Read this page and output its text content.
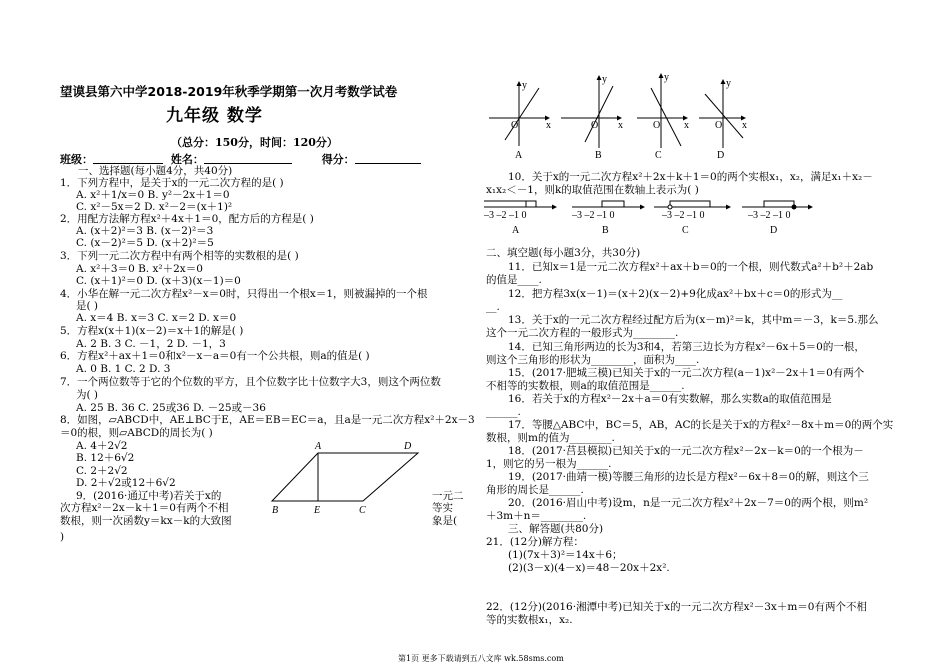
望谟县第六中学2018-2019年秋季学期第一次月考数学试卷
九年级 数学
（总分：150分，时间：120分）
班级：	姓名：	得分：
一、选择题(每小题4分，共40分)
1．下列方程中，是关于x的一元二次方程的是( )
A. x²＋1/x＝0 B. y²－2x＋1＝0
C. x²－5x＝2 D. x²－2＝(x＋1)²
2．用配方法解方程x²＋4x＋1＝0，配方后的方程是( )
A. (x＋2)²＝3 B. (x－2)²＝3
C. (x－2)²＝5 D. (x＋2)²＝5
3．下列一元二次方程中有两个相等的实数根的是( )
A. x²＋3＝0 B. x²＋2x＝0
C. (x＋1)²＝0 D. (x＋3)(x－1)＝0
4．小华在解一元二次方程x²－x＝0时，只得出一个根x＝1，则被漏掉的一个根
是( )
A. x＝4 B. x＝3 C. x＝2 D. x＝0
5．方程x(x＋1)(x－2)＝x＋1的解是( )
A. 2 B. 3 C. －1，2 D. －1，3
6．方程x²＋ax＋1＝0和x²－x－a＝0有一个公共根，则a的值是( )
A. 0 B. 1 C. 2 D. 3
7．一个两位数等于它的个位数的平方，且个位数字比十位数字大3，则这个两位数
为( )
A. 25 B. 36 C. 25或36 D. －25或－36
8．如图，▱ABCD中，AE⊥BC于E，AE＝EB＝EC＝a，且a是一元二次方程x²＋2x－3
＝0的根，则▱ABCD的周长为( )
A. 4＋2√2
B. 12＋6√2
C. 2＋2√2
D. 2＋√2或12＋6√2
9．(2016·通辽中考)若关于x的
次方程x²－2x－k＋1＝0有两个不相
数根，则一次函数y＝kx－k的大致图
)
一元二
等实
象是(
A	D
B	E	C
y
x
O
A
y
x
O
B
y
x
O
C
y
x
O
D
10．关于x的一元二次方程x²＋2x＋k＋1＝0的两个实根x₁，x₂，满足x₁＋x₂－
x₁x₂＜－1，则k的取值范围在数轴上表示为( )
–3 –2 –1 0
A
–3 –2 –1 0
B
–3 –2 –1 0
C
–3 –2 –1 0
D
二、填空题(每小题3分，共30分)
11．已知x＝1是一元二次方程x²＋ax＋b＝0的一个根，则代数式a²＋b²＋2ab
的值是____.
12．把方程3x(x－1)＝(x＋2)(x－2)+9化成ax²＋bx＋c＝0的形式为__
__.
13．关于x的一元二次方程经过配方后为(x－m)²＝k，其中m＝－3，k＝5.那么
这个一元二次方程的一般形式为________.
14．已知三角形两边的长为3和4，若第三边长为方程x²－6x＋5＝0的一根，
则这个三角形的形状为________，面积为____.
15．(2017·肥城三模)已知关于x的一元二次方程(a－1)x²－2x＋1＝0有两个
不相等的实数根，则a的取值范围是______.
16．若关于x的方程x²－2x＋a＝0有实数解，那么实数a的取值范围是
______.
17．等腰△ABC中，BC＝5，AB，AC的长是关于x的方程x²－8x＋m＝0的两个实
数根，则m的值为________.
18．(2017·莒县模拟)已知关于x的一元二次方程x²－2x－k＝0的一个根为－
1，则它的另一根为______.
19．(2017·曲靖一模)等腰三角形的边长是方程x²－6x＋8＝0的解，则这个三
角形的周长是______.
20．(2016·眉山中考)设m，n是一元二次方程x²＋2x－7＝0的两个根，则m²
＋3m＋n＝________.
三、解答题(共80分)
21．(12分)解方程：
(1)(7x＋3)²＝14x＋6；
(2)(3－x)(4－x)＝48－20x＋2x².
22．(12分)(2016·湘潭中考)已知关于x的一元二次方程x²－3x＋m＝0有两个不相
等的实数根x₁，x₂.
第1页 更多下载请到五八文库 wk.58sms.com
